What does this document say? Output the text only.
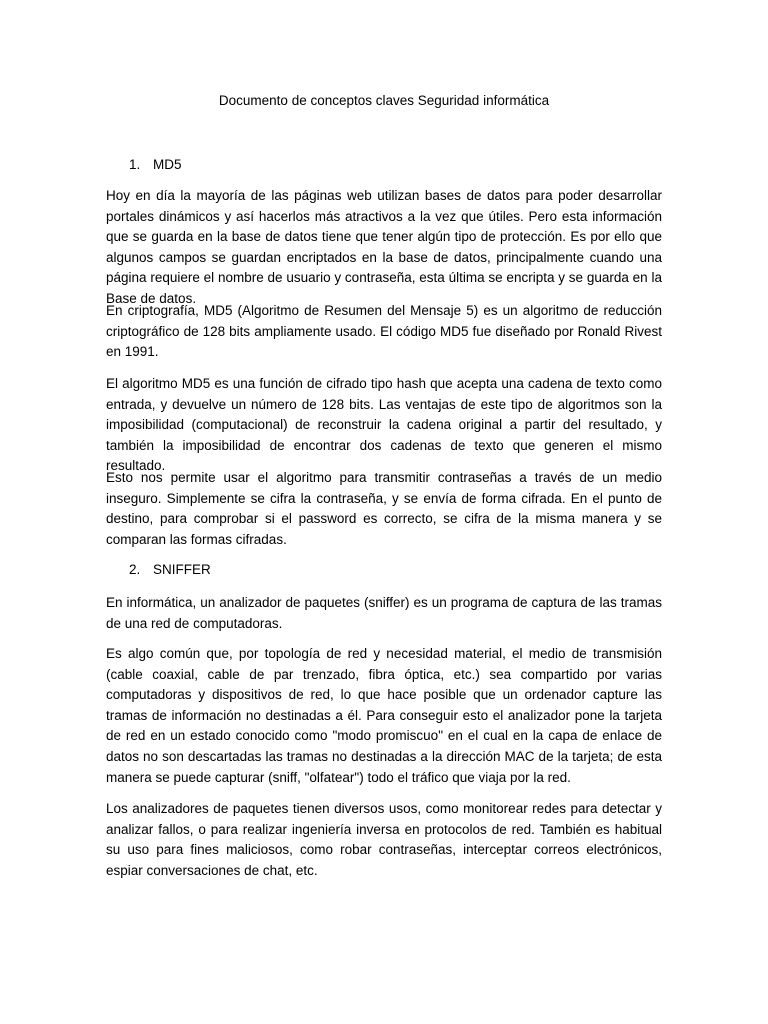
Documento de conceptos claves Seguridad informática

1. MD5

Hoy en día la mayoría de las páginas web utilizan bases de datos para poder desarrollar portales dinámicos y así hacerlos más atractivos a la vez que útiles. Pero esta información que se guarda en la base de datos tiene que tener algún tipo de protección. Es por ello que algunos campos se guardan encriptados en la base de datos, principalmente cuando una página requiere el nombre de usuario y contraseña, esta última se encripta y se guarda en la Base de datos.

En criptografía, MD5 (Algoritmo de Resumen del Mensaje 5) es un algoritmo de reducción criptográfico de 128 bits ampliamente usado. El código MD5 fue diseñado por Ronald Rivest en 1991.

El algoritmo MD5 es una función de cifrado tipo hash que acepta una cadena de texto como entrada, y devuelve un número de 128 bits. Las ventajas de este tipo de algoritmos son la imposibilidad (computacional) de reconstruir la cadena original a partir del resultado, y también la imposibilidad de encontrar dos cadenas de texto que generen el mismo resultado.

Esto nos permite usar el algoritmo para transmitir contraseñas a través de un medio inseguro. Simplemente se cifra la contraseña, y se envía de forma cifrada. En el punto de destino, para comprobar si el password es correcto, se cifra de la misma manera y se comparan las formas cifradas.

2. SNIFFER

En informática, un analizador de paquetes (sniffer) es un programa de captura de las tramas de una red de computadoras.

Es algo común que, por topología de red y necesidad material, el medio de transmisión (cable coaxial, cable de par trenzado, fibra óptica, etc.) sea compartido por varias computadoras y dispositivos de red, lo que hace posible que un ordenador capture las tramas de información no destinadas a él. Para conseguir esto el analizador pone la tarjeta de red en un estado conocido como "modo promiscuo" en el cual en la capa de enlace de datos no son descartadas las tramas no destinadas a la dirección MAC de la tarjeta; de esta manera se puede capturar (sniff, "olfatear") todo el tráfico que viaja por la red.

Los analizadores de paquetes tienen diversos usos, como monitorear redes para detectar y analizar fallos, o para realizar ingeniería inversa en protocolos de red. También es habitual su uso para fines maliciosos, como robar contraseñas, interceptar correos electrónicos, espiar conversaciones de chat, etc.
